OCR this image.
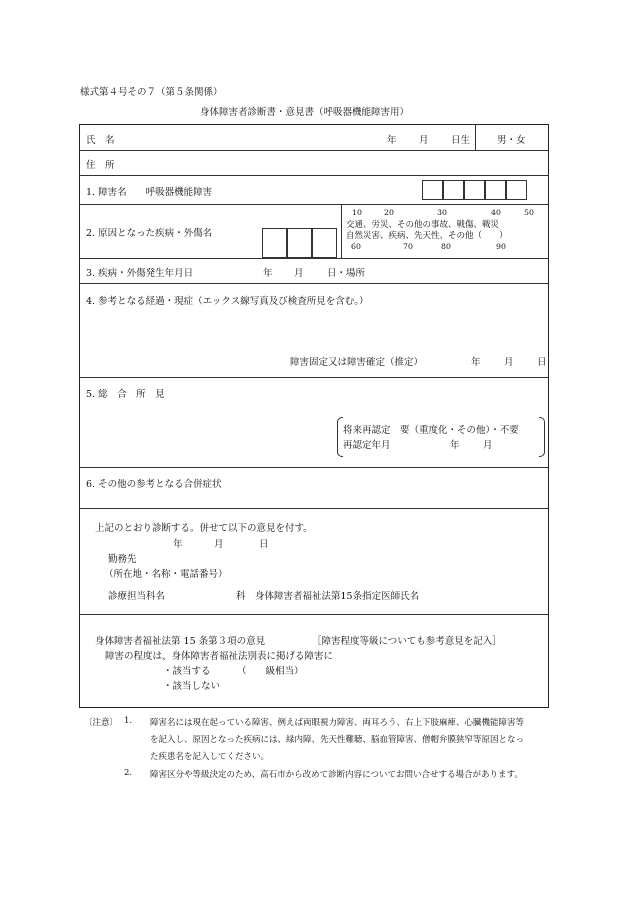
様式第４号その７（第５条関係）
身体障害者診断書・意見書（呼吸器機能障害用）
氏　名	年 月 日生	男・女
住　所
1. 障害名　　呼吸器機能障害
2. 原因となった疾病・外傷名
10	20	30	40	50
交通、労災、その他の事故、戦傷、戦災
自然災害、疾病、先天性、その他（　　）
60	70	80	90
3. 疾病・外傷発生年月日	年 月 日・場所
4. 参考となる経過・現症（エックス線写真及び検査所見を含む。）
障害固定又は障害確定（推定）	年 月 日
5. 総　合　所　見
将来再認定　要（重度化・その他）・不要
再認定年月	年 月
6. その他の参考となる合併症状
上記のとおり診断する。併せて以下の意見を付す。
年	月	日
勤務先
（所在地・名称・電話番号）
診療担当科名	科 身体障害者福祉法第15条指定医師氏名
身体障害者福祉法第 15 条第３項の意見	［障害程度等級についても参考意見を記入］
障害の程度は、身体障害者福祉法別表に掲げる障害に
・該当する	（　　級相当）
・該当しない
〔注意〕 1. 障害名には現在起っている障害、例えば両眼視力障害、両耳ろう、右上下肢麻痺、心臓機能障害等
を記入し、原因となった疾病には、緑内障、先天性難聴、脳血管障害、僧帽弁膜狭窄等原因となっ
た疾患名を記入してください。
2. 障害区分や等級決定のため、高石市から改めて診断内容についてお問い合せする場合があります。
